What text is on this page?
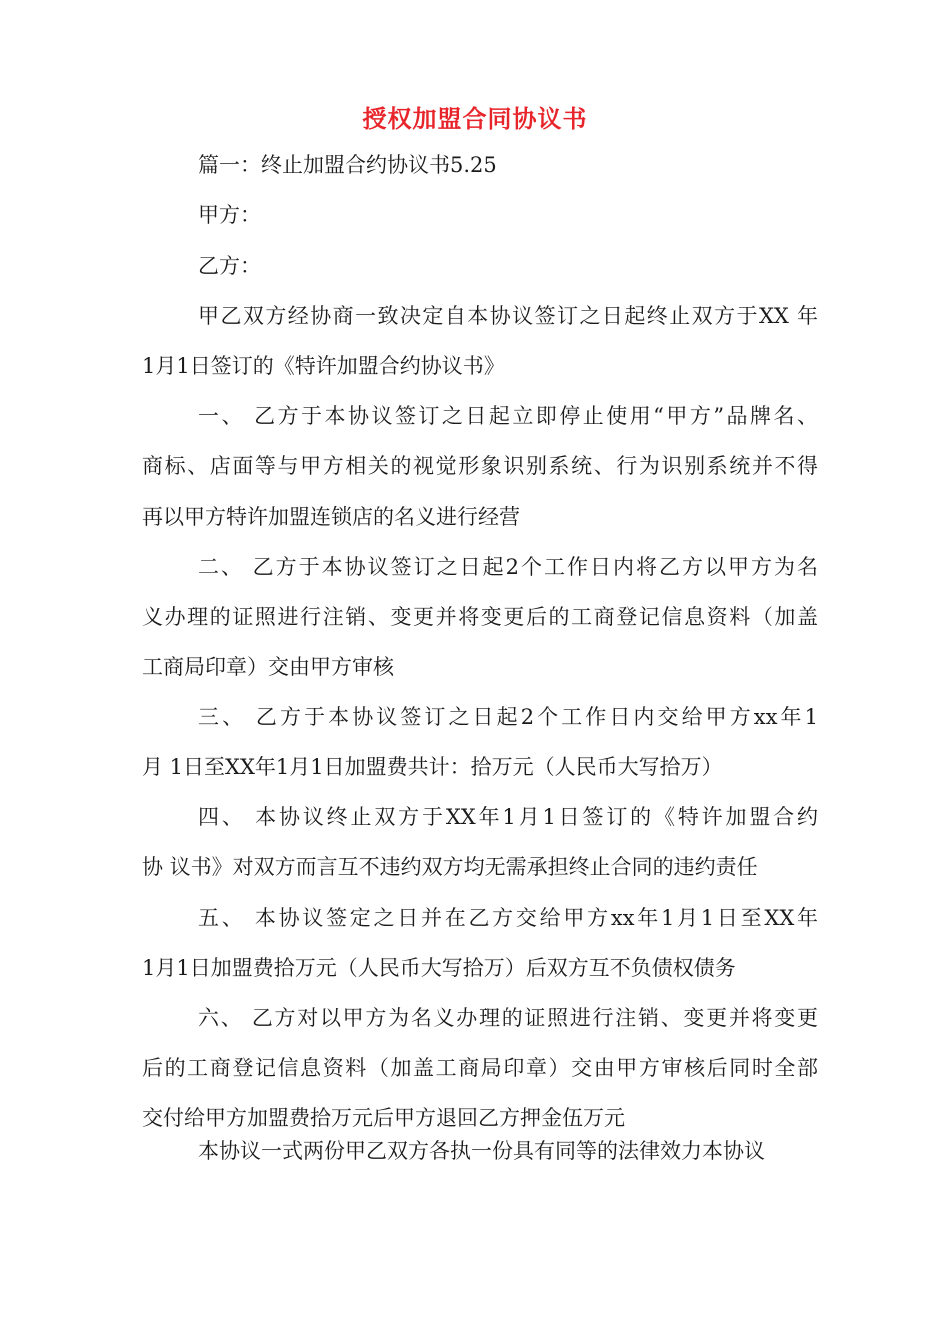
授权加盟合同协议书
篇一：终止加盟合约协议书5.25
甲方：
乙方：
甲乙双方经协商一致决定自本协议签订之日起终止双方于XX 年
1月1日签订的《特许加盟合约协议书》
一、 乙方于本协议签订之日起立即停止使用“甲方”品牌名、
商标、店面等与甲方相关的视觉形象识别系统、行为识别系统并不得
再以甲方特许加盟连锁店的名义进行经营
二、 乙方于本协议签订之日起2个工作日内将乙方以甲方为名
义办理的证照进行注销、变更并将变更后的工商登记信息资料（加盖
工商局印章）交由甲方审核
三、 乙方于本协议签订之日起2个工作日内交给甲方xx年1
月 1日至XX年1月1日加盟费共计：拾万元（人民币大写拾万）
四、 本协议终止双方于XX年1月1日签订的《特许加盟合约
协 议书》对双方而言互不违约双方均无需承担终止合同的违约责任
五、 本协议签定之日并在乙方交给甲方xx年1月1日至XX年
1月1日加盟费拾万元（人民币大写拾万）后双方互不负债权债务
六、 乙方对以甲方为名义办理的证照进行注销、变更并将变更
后的工商登记信息资料（加盖工商局印章）交由甲方审核后同时全部
交付给甲方加盟费拾万元后甲方退回乙方押金伍万元
本协议一式两份甲乙双方各执一份具有同等的法律效力本协议
